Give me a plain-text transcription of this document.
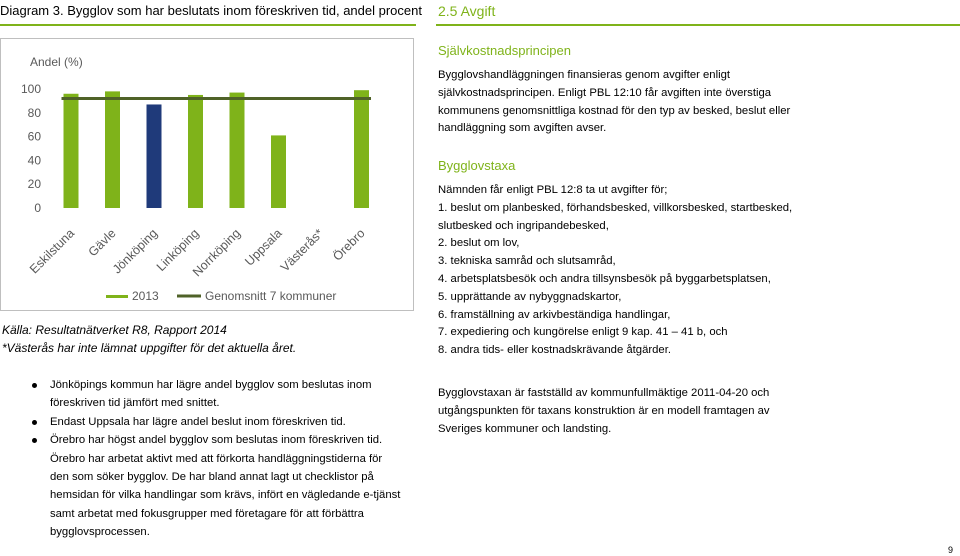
Diagram 3. Bygglov som har beslutats inom föreskriven tid, andel procent
Andel (%)
0
20
40
60
80
100
Eskilstuna Gävle
Jönköping
Linköping
Norrköping Uppsala
Västerås* Örebro
2013	Genomsnitt 7 kommuner
Källa: Resultatnätverket R8, Rapport 2014
*Västerås har inte lämnat uppgifter för det aktuella året.
Jönköpings kommun har lägre andel bygglov som beslutas inom föreskriven tid jämfört med snittet.
Endast Uppsala har lägre andel beslut inom föreskriven tid.
Örebro har högst andel bygglov som beslutas inom föreskriven tid. Örebro har arbetat aktivt med att förkorta handläggningstiderna för den som söker bygglov. De har bland annat lagt ut checklistor på hemsidan för vilka handlingar som krävs, infört en vägledande e-tjänst samt arbetat med fokusgrupper med företagare för att förbättra bygglovsprocessen.
2.5 Avgift
Självkostnadsprincipen
Bygglovshandläggningen finansieras genom avgifter enligt
självkostnadsprincipen. Enligt PBL 12:10 får avgiften inte överstiga
kommunens genomsnittliga kostnad för den typ av besked, beslut eller
handläggning som avgiften avser.
Bygglovstaxa
Nämnden får enligt PBL 12:8 ta ut avgifter för;
1. beslut om planbesked, förhandsbesked, villkorsbesked, startbesked,
slutbesked och ingripandebesked,
2. beslut om lov,
3. tekniska samråd och slutsamråd,
4. arbetsplatsbesök och andra tillsynsbesök på byggarbetsplatsen,
5. upprättande av nybyggnadskartor,
6. framställning av arkivbeständiga handlingar,
7. expediering och kungörelse enligt 9 kap. 41 – 41 b, och
8. andra tids- eller kostnadskrävande åtgärder.
Bygglovstaxan är fastställd av kommunfullmäktige 2011-04-20 och
utgångspunkten för taxans konstruktion är en modell framtagen av
Sveriges kommuner och landsting.
9
